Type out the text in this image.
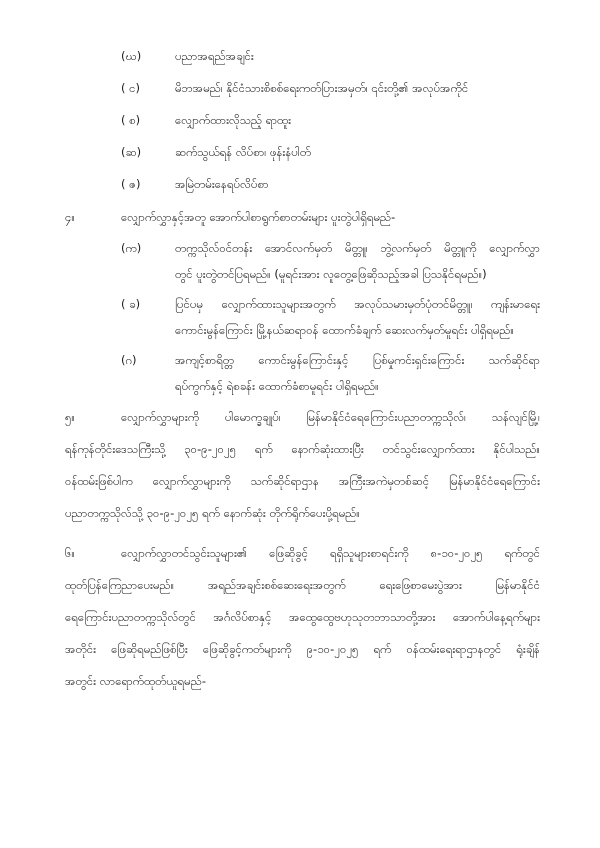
(ဃ)	ပညာအရည်အချင်း
( င)	မိဘအမည်၊ နိုင်ငံသားစိစစ်ရေးကတ်ပြားအမှတ်၊ ၎င်းတို့၏ အလုပ်အကိုင်
( စ)	လျှောက်ထားလိုသည့် ရာထူး
(ဆ)	ဆက်သွယ်ရန် လိပ်စာ၊ ဖုန်းနံပါတ်
( ဇ)	အမြဲတမ်းနေရပ်လိပ်စာ
၄။	လျှောက်လွှာနှင့်အတူ အောက်ပါစာရွက်စာတမ်းများ ပူးတွဲပါရှိရမည်-
(က)	တက္ကသိုလ်ဝင်တန်း အောင်လက်မှတ် မိတ္တူ၊ ဘွဲ့လက်မှတ် မိတ္တူကို လျှောက်လွှာ
တွင် ပူးတွဲတင်ပြရမည်။ (မူရင်းအား လူတွေ့ဖြေဆိုသည့်အခါ ပြသနိုင်ရမည်။)
( ခ)	ပြင်ပမှ လျှောက်ထားသူများအတွက် အလုပ်သမားမှတ်ပုံတင်မိတ္တူ၊ ကျန်းမာရေး
ကောင်းမွန်ကြောင်း မြို့နယ်ဆရာဝန် ထောက်ခံချက် ဆေးလက်မှတ်မူရင်း ပါရှိရမည်။
(ဂ)	အကျင့်စာရိတ္တ ကောင်းမွန်ကြောင်းနှင့် ပြစ်မှုကင်းရှင်းကြောင်း သက်ဆိုင်ရာ
ရပ်ကွက်နှင့် ရဲစခန်း ထောက်ခံစာမူရင်း ပါရှိရမည်။
၅။	လျှောက်လွှာများကို ပါမောက္ခချုပ်၊ မြန်မာနိုင်ငံရေကြောင်းပညာတက္ကသိုလ်၊ သန်လျင်မြို့၊
ရန်ကုန်တိုင်းဒေသကြီးသို့ ၃၀-၉-၂၀၂၅ ရက် နောက်ဆုံးထားပြီး တင်သွင်းလျှောက်ထား နိုင်ပါသည်။
ဝန်ထမ်းဖြစ်ပါက လျှောက်လွှာများကို သက်ဆိုင်ရာဌာန အကြီးအကဲမှတစ်ဆင့် မြန်မာနိုင်ငံရေကြောင်း
ပညာတက္ကသိုလ်သို့ ၃၀-၉-၂၀၂၅ ရက် နောက်ဆုံး တိုက်ရိုက်ပေးပို့ရမည်။
၆။	လျှောက်လွှာတင်သွင်းသူများ၏ ဖြေဆိုခွင့် ရရှိသူများစာရင်းကို ၈-၁၀-၂၀၂၅ ရက်တွင်
ထုတ်ပြန်ကြေညာပေးမည်။ အရည်အချင်းစစ်ဆေးရေးအတွက် ရေးဖြေစာမေးပွဲအား မြန်မာနိုင်ငံ
ရေကြောင်းပညာတက္ကသိုလ်တွင် အင်္ဂလိပ်စာနှင့် အထွေထွေဗဟုသုတဘာသာတို့အား အောက်ပါနေ့ရက်များ
အတိုင်း ဖြေဆိုရမည်ဖြစ်ပြီး ဖြေဆိုခွင့်ကတ်များကို ၉-၁၀-၂၀၂၅ ရက် ဝန်ထမ်းရေးရာဌာနတွင် ရုံးချိန်
အတွင်း လာရောက်ထုတ်ယူရမည်-
